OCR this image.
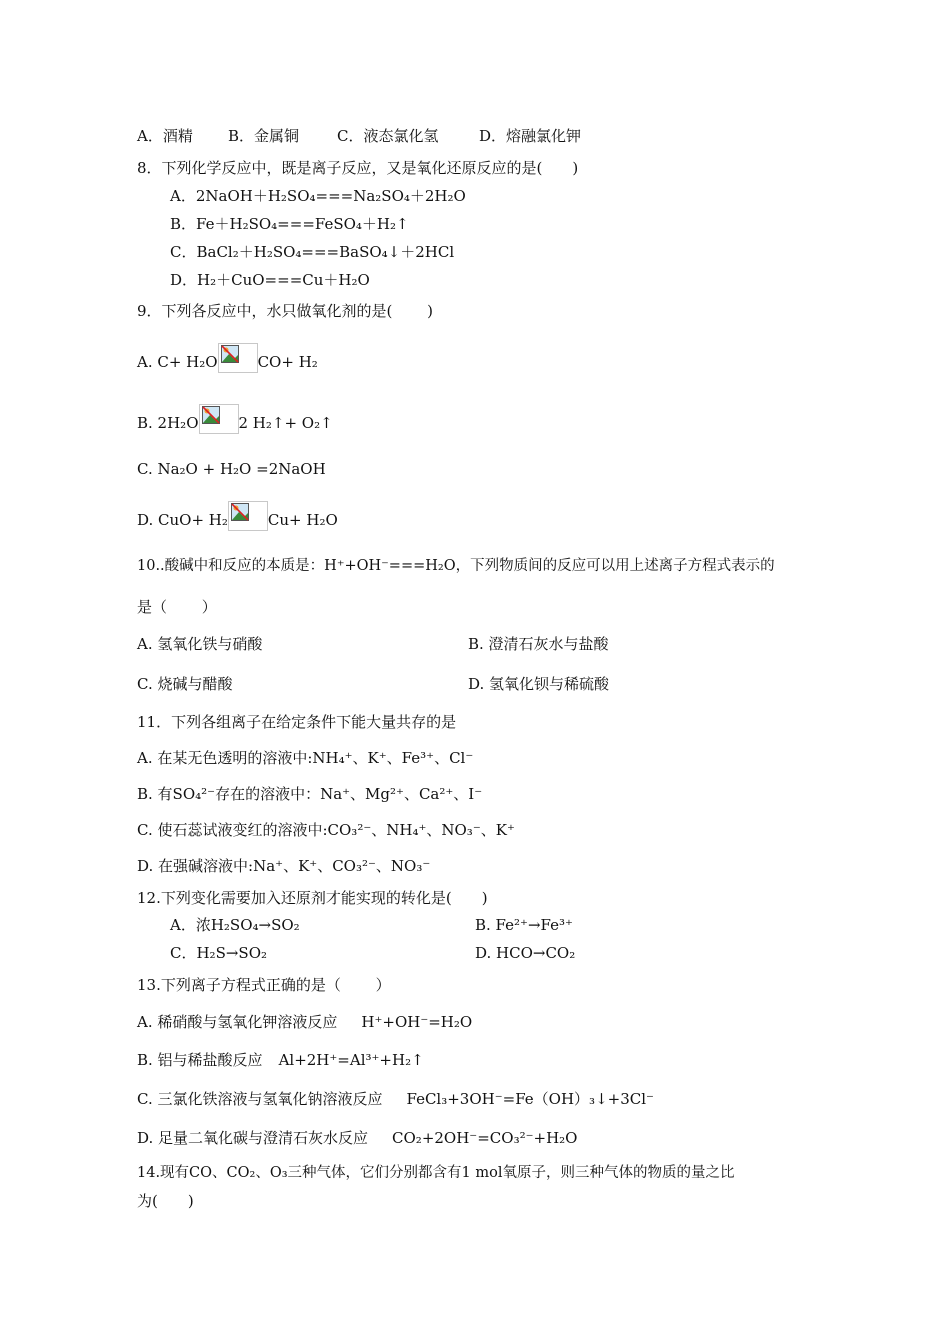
A．酒精 B．金属铜	C．液态氯化氢	D．熔融氯化钾
8．下列化学反应中，既是离子反应，又是氧化还原反应的是(　　)
A．2NaOH＋H₂SO₄===Na₂SO₄＋2H₂O
B．Fe＋H₂SO₄===FeSO₄＋H₂↑
C．BaCl₂＋H₂SO₄===BaSO₄↓＋2HCl
D．H₂＋CuO===Cu＋H₂O
9．下列各反应中，水只做氧化剂的是(　　 )
A. C+ H₂O	CO+ H₂
B. 2H₂O	2 H₂↑+ O₂↑
C. Na₂O + H₂O =2NaOH
D. CuO+ H₂	Cu+ H₂O
10..酸碱中和反应的本质是：H⁺+OH⁻===H₂O，下列物质间的反应可以用上述离子方程式表示的
是（　　 ）
A. 氢氧化铁与硝酸	B. 澄清石灰水与盐酸
C. 烧碱与醋酸	D. 氢氧化钡与稀硫酸
11．下列各组离子在给定条件下能大量共存的是
A. 在某无色透明的溶液中:NH₄⁺、K⁺、Fe³⁺、Cl⁻
B. 有SO₄²⁻存在的溶液中：Na⁺、Mg²⁺、Ca²⁺、I⁻
C. 使石蕊试液变红的溶液中:CO₃²⁻、NH₄⁺、NO₃⁻、K⁺
D. 在强碱溶液中:Na⁺、K⁺、CO₃²⁻、NO₃⁻
12.下列变化需要加入还原剂才能实现的转化是(　　)
A．浓H₂SO₄→SO₂	B. Fe²⁺→Fe³⁺
C．H₂S→SO₂	D. HCO→CO₂
13.下列离子方程式正确的是（　　 ）
A. 稀硝酸与氢氧化钾溶液反应 H⁺+OH⁻=H₂O
B. 铝与稀盐酸反应 Al+2H⁺=Al³⁺+H₂↑
C. 三氯化铁溶液与氢氧化钠溶液反应 FeCl₃+3OH⁻=Fe（OH）₃↓+3Cl⁻
D. 足量二氧化碳与澄清石灰水反应 CO₂+2OH⁻=CO₃²⁻+H₂O
14.现有CO、CO₂、O₃三种气体，它们分别都含有1 mol氧原子，则三种气体的物质的量之比
为(　　)
